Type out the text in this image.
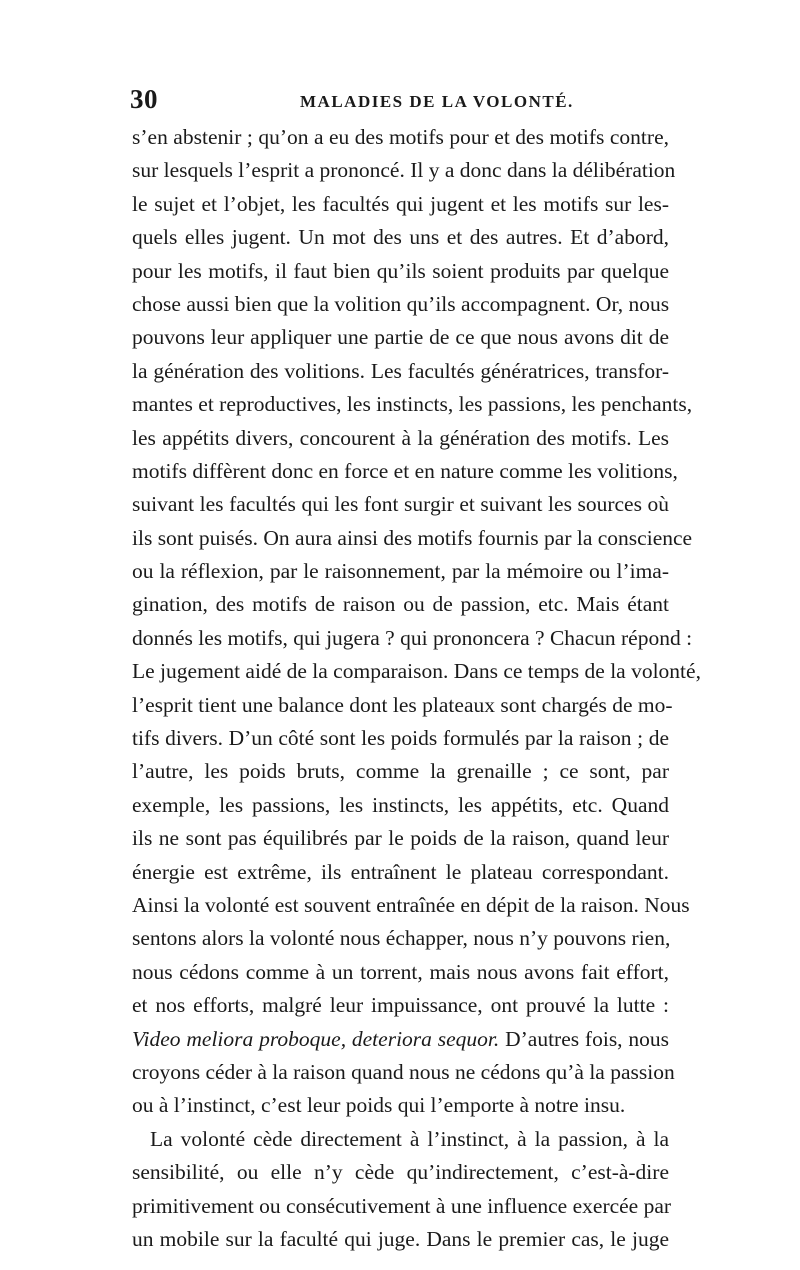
30	MALADIES DE LA VOLONTÉ.
s’en abstenir ; qu’on a eu des motifs pour et des motifs contre,
sur lesquels l’esprit a prononcé. Il y a donc dans la délibération
le sujet et l’objet, les facultés qui jugent et les motifs sur les-
quels elles jugent. Un mot des uns et des autres. Et d’abord,
pour les motifs, il faut bien qu’ils soient produits par quelque
chose aussi bien que la volition qu’ils accompagnent. Or, nous
pouvons leur appliquer une partie de ce que nous avons dit de
la génération des volitions. Les facultés génératrices, transfor-
mantes et reproductives, les instincts, les passions, les penchants,
les appétits divers, concourent à la génération des motifs. Les
motifs diffèrent donc en force et en nature comme les volitions,
suivant les facultés qui les font surgir et suivant les sources où
ils sont puisés. On aura ainsi des motifs fournis par la conscience
ou la réflexion, par le raisonnement, par la mémoire ou l’ima-
gination, des motifs de raison ou de passion, etc. Mais étant
donnés les motifs, qui jugera ? qui prononcera ? Chacun répond :
Le jugement aidé de la comparaison. Dans ce temps de la volonté,
l’esprit tient une balance dont les plateaux sont chargés de mo-
tifs divers. D’un côté sont les poids formulés par la raison ; de
l’autre, les poids bruts, comme la grenaille ; ce sont, par
exemple, les passions, les instincts, les appétits, etc. Quand
ils ne sont pas équilibrés par le poids de la raison, quand leur
énergie est extrême, ils entraînent le plateau correspondant.
Ainsi la volonté est souvent entraînée en dépit de la raison. Nous
sentons alors la volonté nous échapper, nous n’y pouvons rien,
nous cédons comme à un torrent, mais nous avons fait effort,
et nos efforts, malgré leur impuissance, ont prouvé la lutte :
Video meliora proboque, deteriora sequor. D’autres fois, nous
croyons céder à la raison quand nous ne cédons qu’à la passion
ou à l’instinct, c’est leur poids qui l’emporte à notre insu.
La volonté cède directement à l’instinct, à la passion, à la
sensibilité, ou elle n’y cède qu’indirectement, c’est-à-dire
primitivement ou consécutivement à une influence exercée par
un mobile sur la faculté qui juge. Dans le premier cas, le juge
